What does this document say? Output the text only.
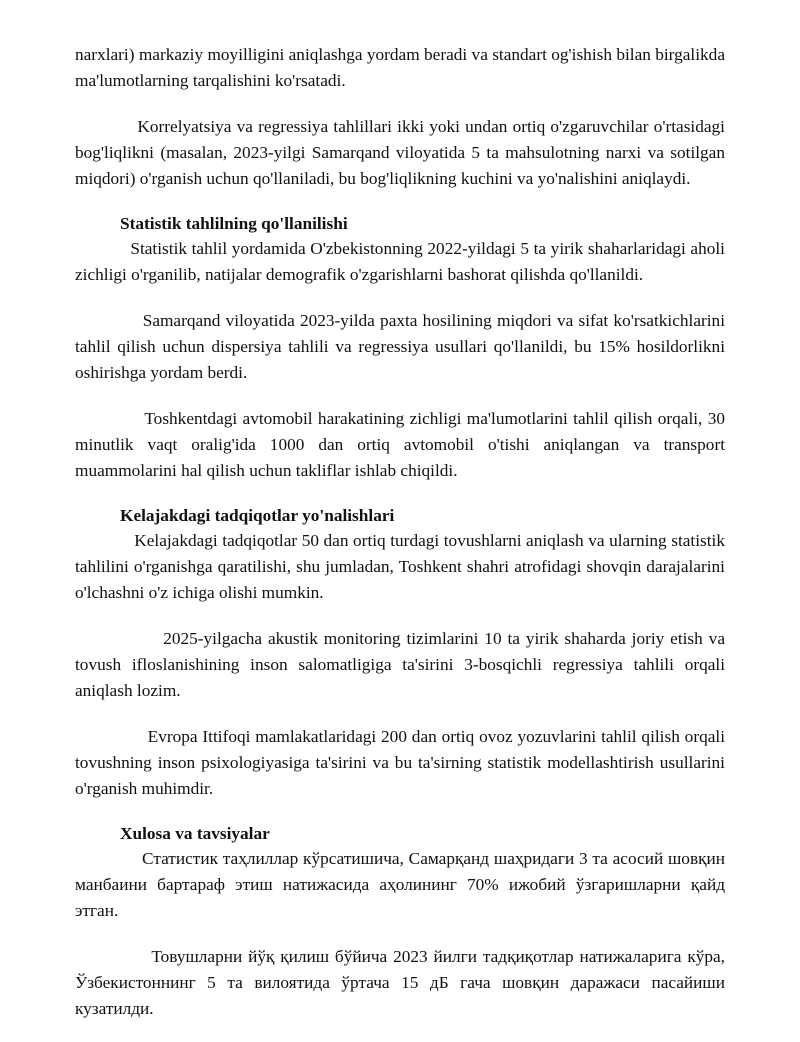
narxlari) markaziy moyilligini aniqlashga yordam beradi va standart og'ishish bilan birgalikda ma'lumotlarning tarqalishini ko'rsatadi.

Korrelyatsiya va regressiya tahlillari ikki yoki undan ortiq o'zgaruvchilar o'rtasidagi bog'liqlikni (masalan, 2023-yilgi Samarqand viloyatida 5 ta mahsulotning narxi va sotilgan miqdori) o'rganish uchun qo'llaniladi, bu bog'liqlikning kuchini va yo'nalishini aniqlaydi.

Statistik tahlilning qo'llanilishi

Statistik tahlil yordamida O'zbekistonning 2022-yildagi 5 ta yirik shaharlaridagi aholi zichligi o'rganilib, natijalar demografik o'zgarishlarni bashorat qilishda qo'llanildi.

Samarqand viloyatida 2023-yilda paxta hosilining miqdori va sifat ko'rsatkichlarini tahlil qilish uchun dispersiya tahlili va regressiya usullari qo'llanildi, bu 15% hosildorlikni oshirishga yordam berdi.

Toshkentdagi avtomobil harakatining zichligi ma'lumotlarini tahlil qilish orqali, 30 minutlik vaqt oralig'ida 1000 dan ortiq avtomobil o'tishi aniqlangan va transport muammolarini hal qilish uchun takliflar ishlab chiqildi.

Kelajakdagi tadqiqotlar yo'nalishlari

Kelajakdagi tadqiqotlar 50 dan ortiq turdagi tovushlarni aniqlash va ularning statistik tahlilini o'rganishga qaratilishi, shu jumladan, Toshkent shahri atrofidagi shovqin darajalarini o'lchashni o'z ichiga olishi mumkin.

2025-yilgacha akustik monitoring tizimlarini 10 ta yirik shaharda joriy etish va tovush ifloslanishining inson salomatligiga ta'sirini 3-bosqichli regressiya tahlili orqali aniqlash lozim.

Evropa Ittifoqi mamlakatlaridagi 200 dan ortiq ovoz yozuvlarini tahlil qilish orqali tovushning inson psixologiyasiga ta'sirini va bu ta'sirning statistik modellashtirish usullarini o'rganish muhimdir.

Xulosa va tavsiyalar

Статистик таҳлиллар кўрсатишича, Самарқанд шаҳридаги 3 та асосий шовқин манбаини бартараф этиш натижасида аҳолининг 70% ижобий ўзгаришларни қайд этган.

Товушларни йўқ қилиш бўйича 2023 йилги тадқиқотлар натижаларига кўра, Ўзбекистоннинг 5 та вилоятида ўртача 15 дБ гача шовқин даражаси пасайиши кузатилди.
